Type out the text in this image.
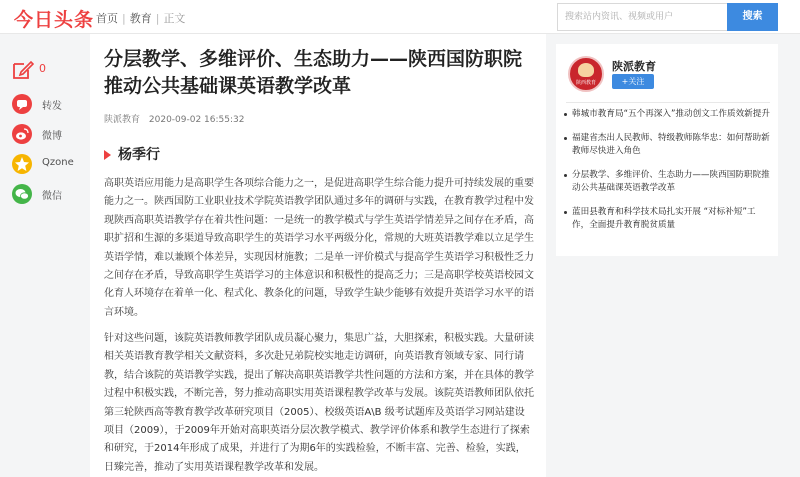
今日头条 首页 | 教育 | 正文
搜索站内资讯、视频或用户	搜索
0
转发
微博
Qzone
微信
分层教学、多维评价、生态助力——陕西国防职院推动公共基础课英语教学改革
陕派教育 2020-09-02 16:55:32
杨季行

高职英语应用能力是高职学生各项综合能力之一，是促进高职学生综合能力提升可持续发展的重要能力之一。陕西国防工业职业技术学院英语教学团队通过多年的调研与实践，在教育教学过程中发现陕西高职英语教学存在着共性问题：一是统一的教学模式与学生英语学情差异之间存在矛盾，高职扩招和生源的多渠道导致高职学生的英语学习水平两级分化，常规的大班英语教学难以立足学生英语学情，难以兼顾个体差异，实现因材施教；二是单一评价模式与提高学生英语学习积极性乏力之间存在矛盾，导致高职学生英语学习的主体意识和积极性的提高乏力；三是高职学校英语校园文化育人环境存在着单一化、程式化、教条化的问题，导致学生缺少能够有效提升英语学习水平的语言环境。

针对这些问题，该院英语教师教学团队成员凝心聚力，集思广益，大胆探索，积极实践。大量研读相关英语教育教学相关文献资料，多次赴兄弟院校实地走访调研，向英语教育领域专家、同行请教，结合该院的英语教学实践，提出了解决高职英语教学共性问题的方法和方案，并在具体的教学过程中积极实践，不断完善，努力推动高职实用英语课程教学改革与发展。该院英语教师团队依托第三轮陕西高等教育教学改革研究项目（2005）、校级英语A\B 级考试题库及英语学习网站建设项目（2009），于2009年开始对高职英语分层次教学模式、教学评价体系和教学生态进行了探索和研究，于2014年形成了成果，并进行了为期6年的实践检验，不断丰富、完善、检验，实践，日臻完善，推动了实用英语课程教学改革和发展。

陕西教育
陕派教育
+关注
韩城市教育局“五个再深入”推动创文工作质效新提升
福建省杰出人民教师、特级教师陈华忠：如何帮助新教师尽快进入角色
分层教学、多维评价、生态助力——陕西国防职院推动公共基础课英语教学改革
蓝田县教育和科学技术局扎实开展 “对标补短”工作，全面提升教育脱贫质量
